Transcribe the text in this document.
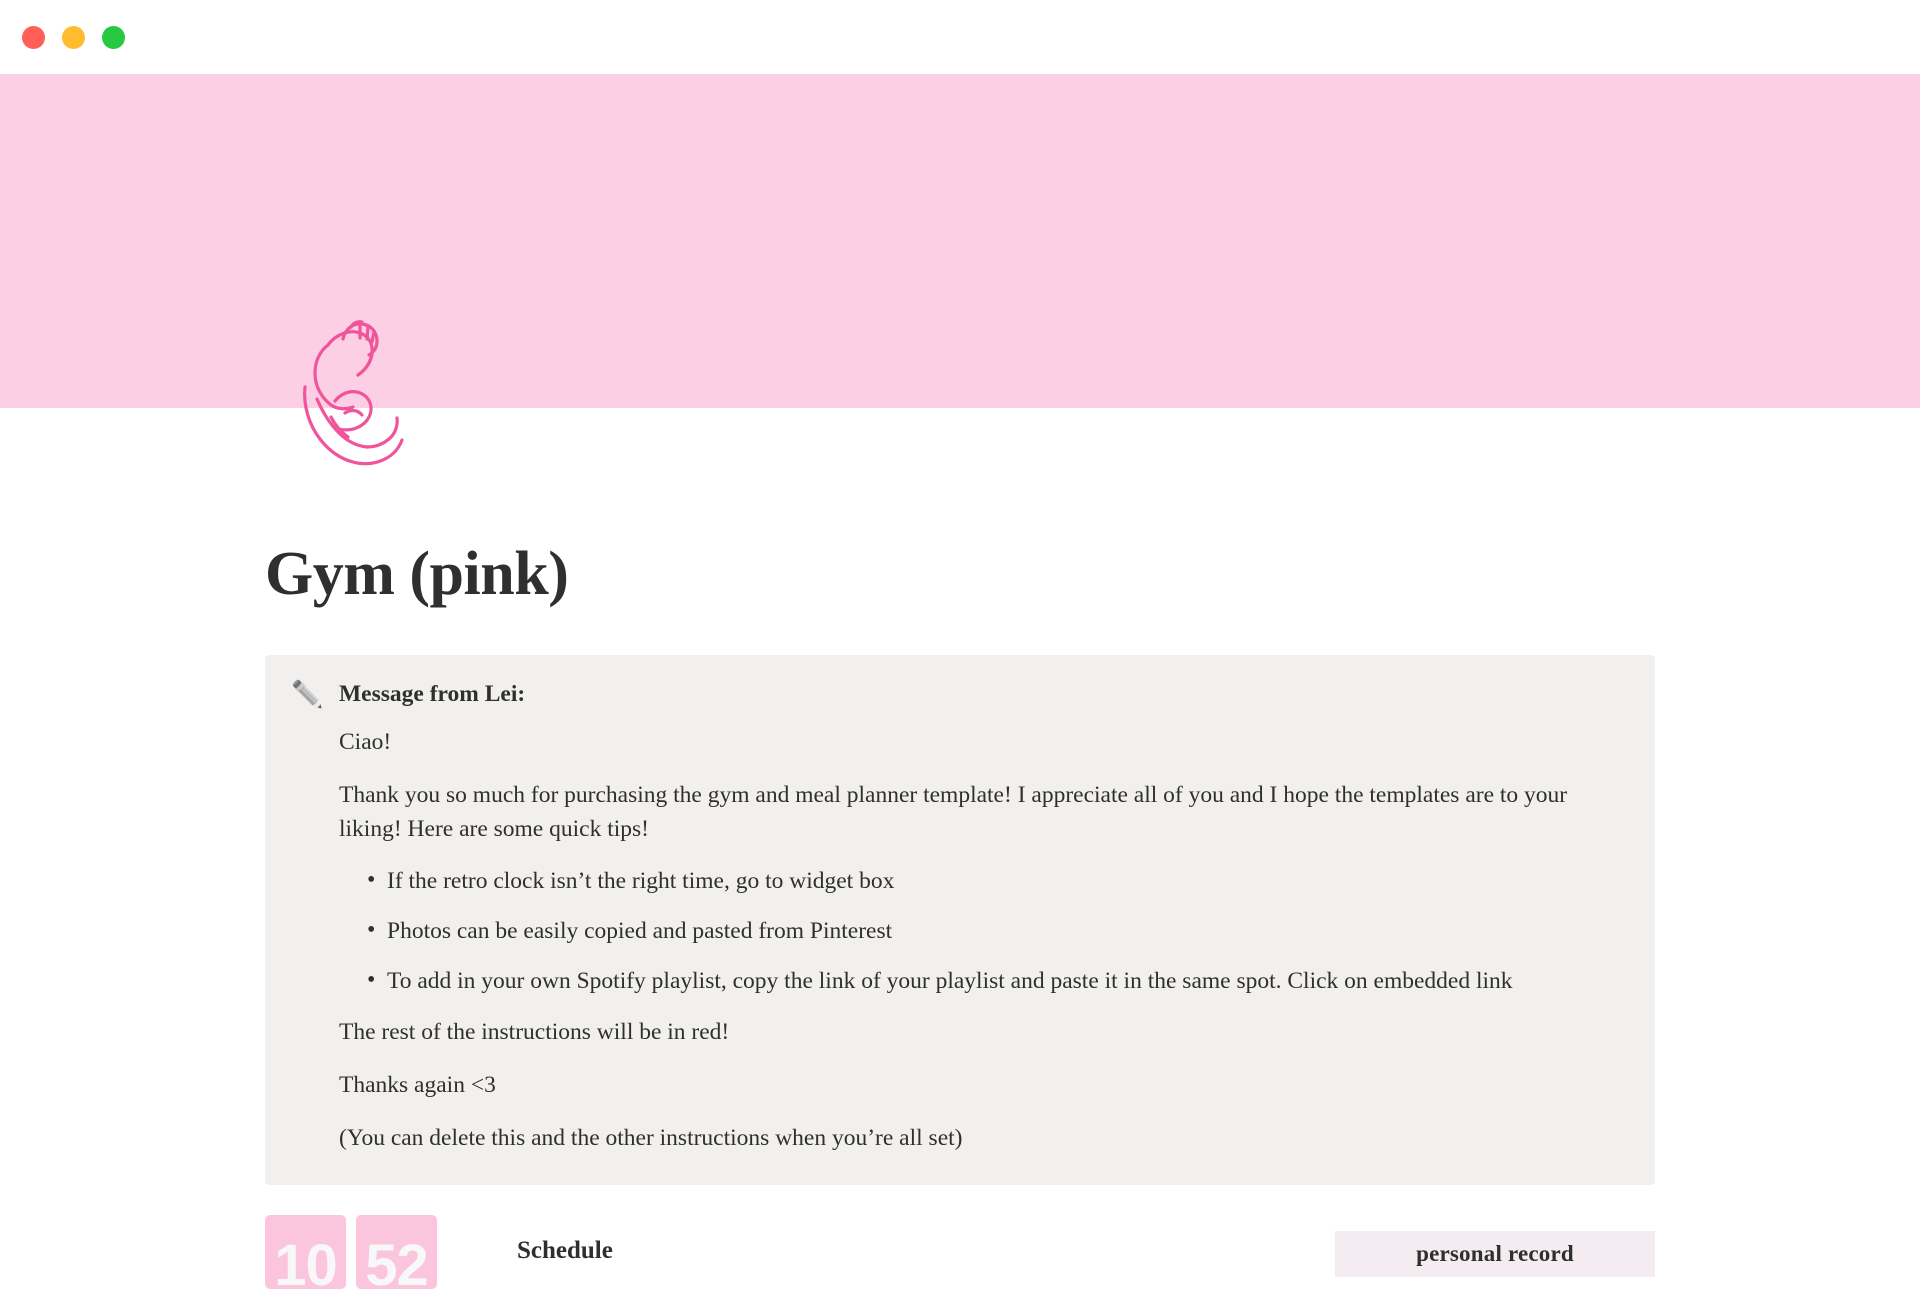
Gym (pink)
✏️ Message from Lei:

Ciao!

Thank you so much for purchasing the gym and meal planner template! I appreciate all of you and I hope the templates are to your liking! Here are some quick tips!

• If the retro clock isn’t the right time, go to widget box
• Photos can be easily copied and pasted from Pinterest
• To add in your own Spotify playlist, copy the link of your playlist and paste it in the same spot. Click on embedded link

The rest of the instructions will be in red!

Thanks again <3

(You can delete this and the other instructions when you’re all set)

10 52	Schedule	personal record
